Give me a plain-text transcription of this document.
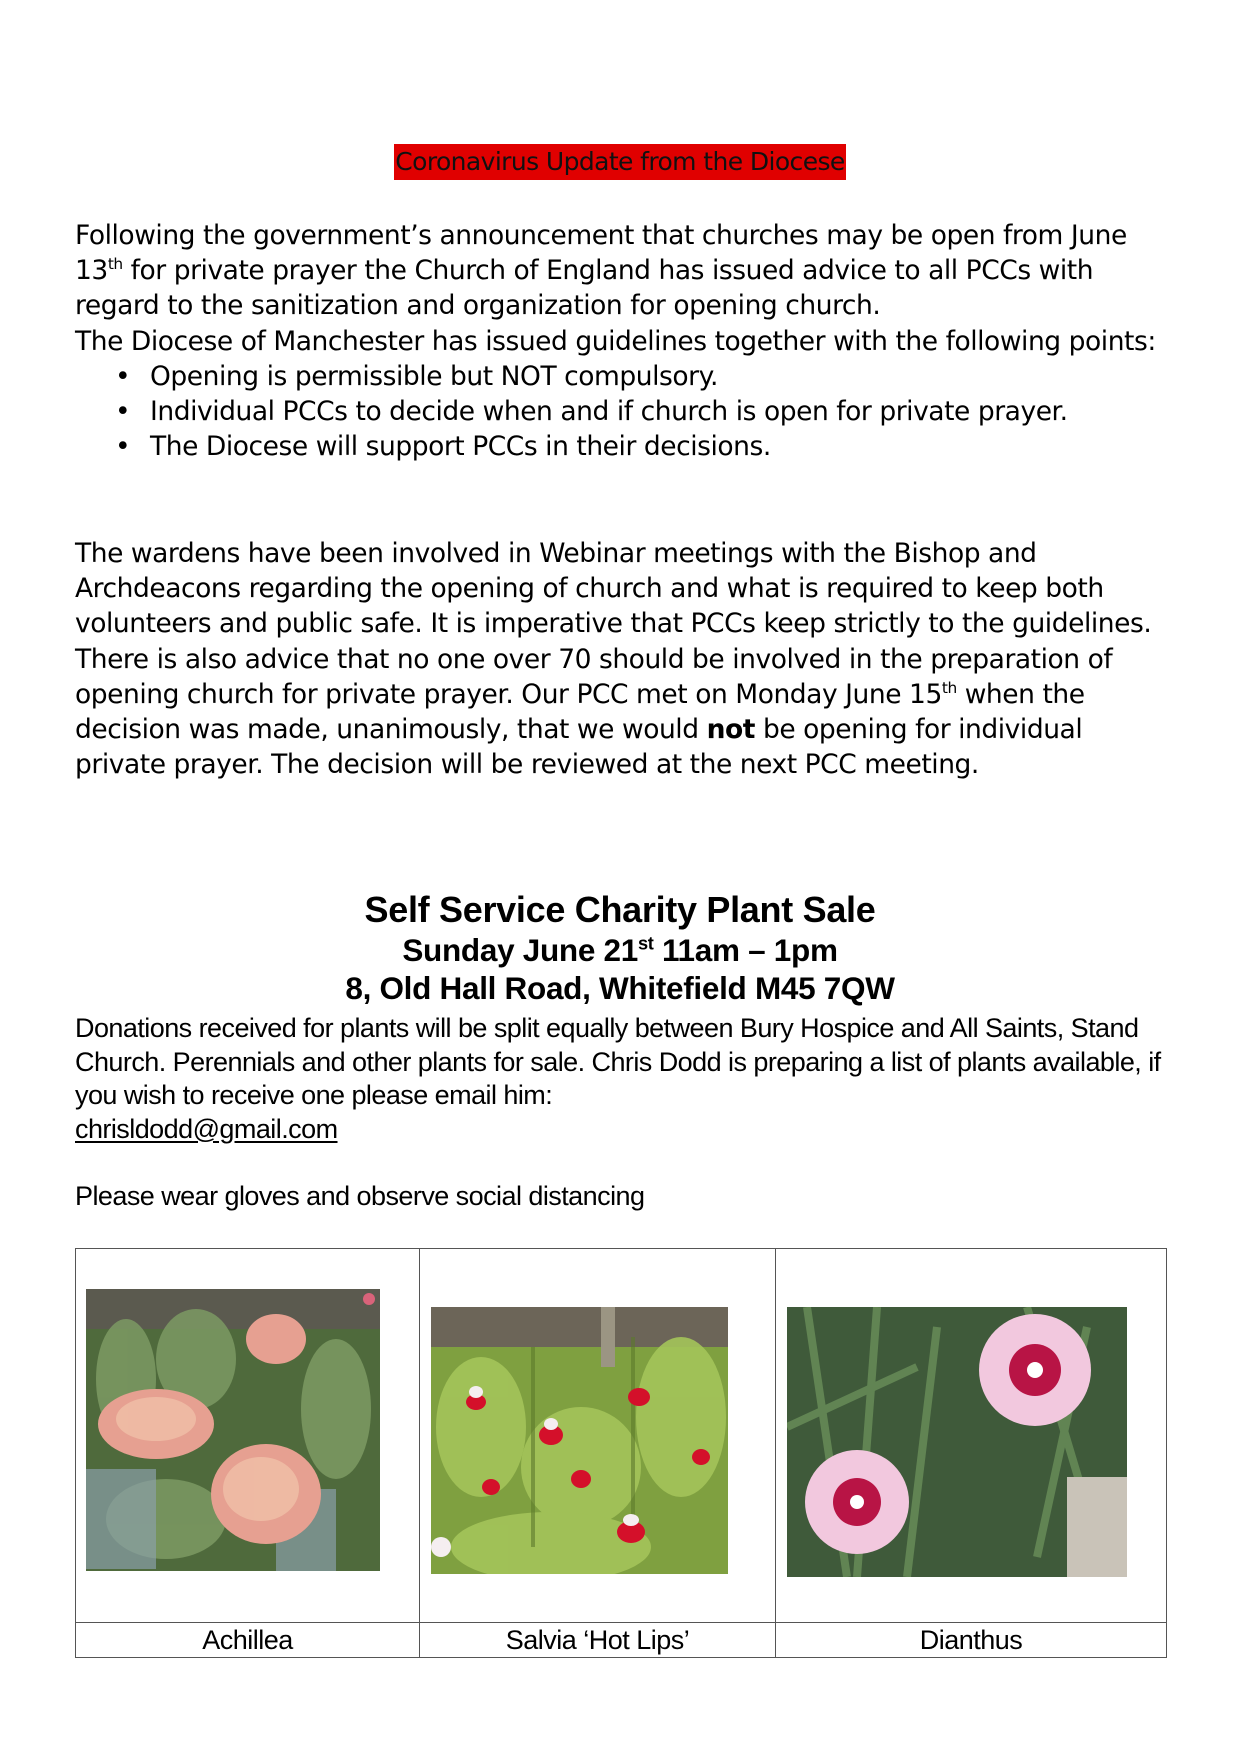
Coronavirus Update from the Diocese

Following the government’s announcement that churches may be open from June 13th for private prayer the Church of England has issued advice to all PCCs with regard to the sanitization and organization for opening church.

The Diocese of Manchester has issued guidelines together with the following points:

• Opening is permissible but NOT compulsory.
• Individual PCCs to decide when and if church is open for private prayer.
• The Diocese will support PCCs in their decisions.

The wardens have been involved in Webinar meetings with the Bishop and Archdeacons regarding the opening of church and what is required to keep both volunteers and public safe. It is imperative that PCCs keep strictly to the guidelines. There is also advice that no one over 70 should be involved in the preparation of opening church for private prayer. Our PCC met on Monday June 15th when the decision was made, unanimously, that we would not be opening for individual private prayer. The decision will be reviewed at the next PCC meeting.

Self Service Charity Plant Sale
Sunday June 21st 11am – 1pm
8, Old Hall Road, Whitefield M45 7QW

Donations received for plants will be split equally between Bury Hospice and All Saints, Stand Church. Perennials and other plants for sale. Chris Dodd is preparing a list of plants available, if you wish to receive one please email him:
chrisldodd@gmail.com

Please wear gloves and observe social distancing

Achillea	Salvia ‘Hot Lips’	Dianthus
